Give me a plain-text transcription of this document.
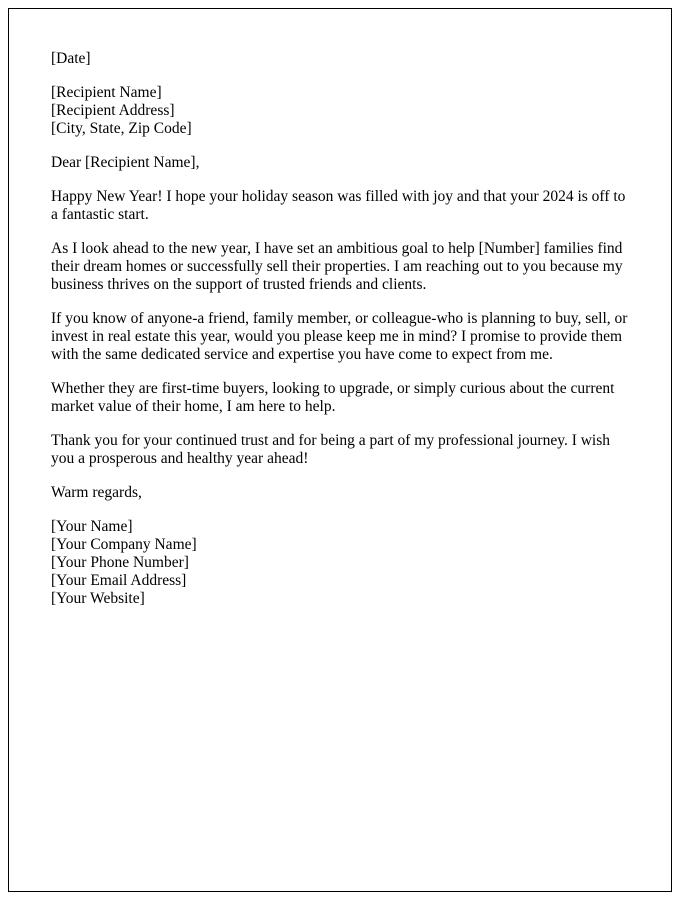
[Date]
[Recipient Name]
[Recipient Address]
[City, State, Zip Code]
Dear [Recipient Name],

Happy New Year! I hope your holiday season was filled with joy and that your 2024 is off to a fantastic start.

As I look ahead to the new year, I have set an ambitious goal to help [Number] families find their dream homes or successfully sell their properties. I am reaching out to you because my business thrives on the support of trusted friends and clients.

If you know of anyone-a friend, family member, or colleague-who is planning to buy, sell, or invest in real estate this year, would you please keep me in mind? I promise to provide them with the same dedicated service and expertise you have come to expect from me.

Whether they are first-time buyers, looking to upgrade, or simply curious about the current market value of their home, I am here to help.

Thank you for your continued trust and for being a part of my professional journey. I wish you a prosperous and healthy year ahead!

Warm regards,
[Your Name]
[Your Company Name]
[Your Phone Number]
[Your Email Address]
[Your Website]
